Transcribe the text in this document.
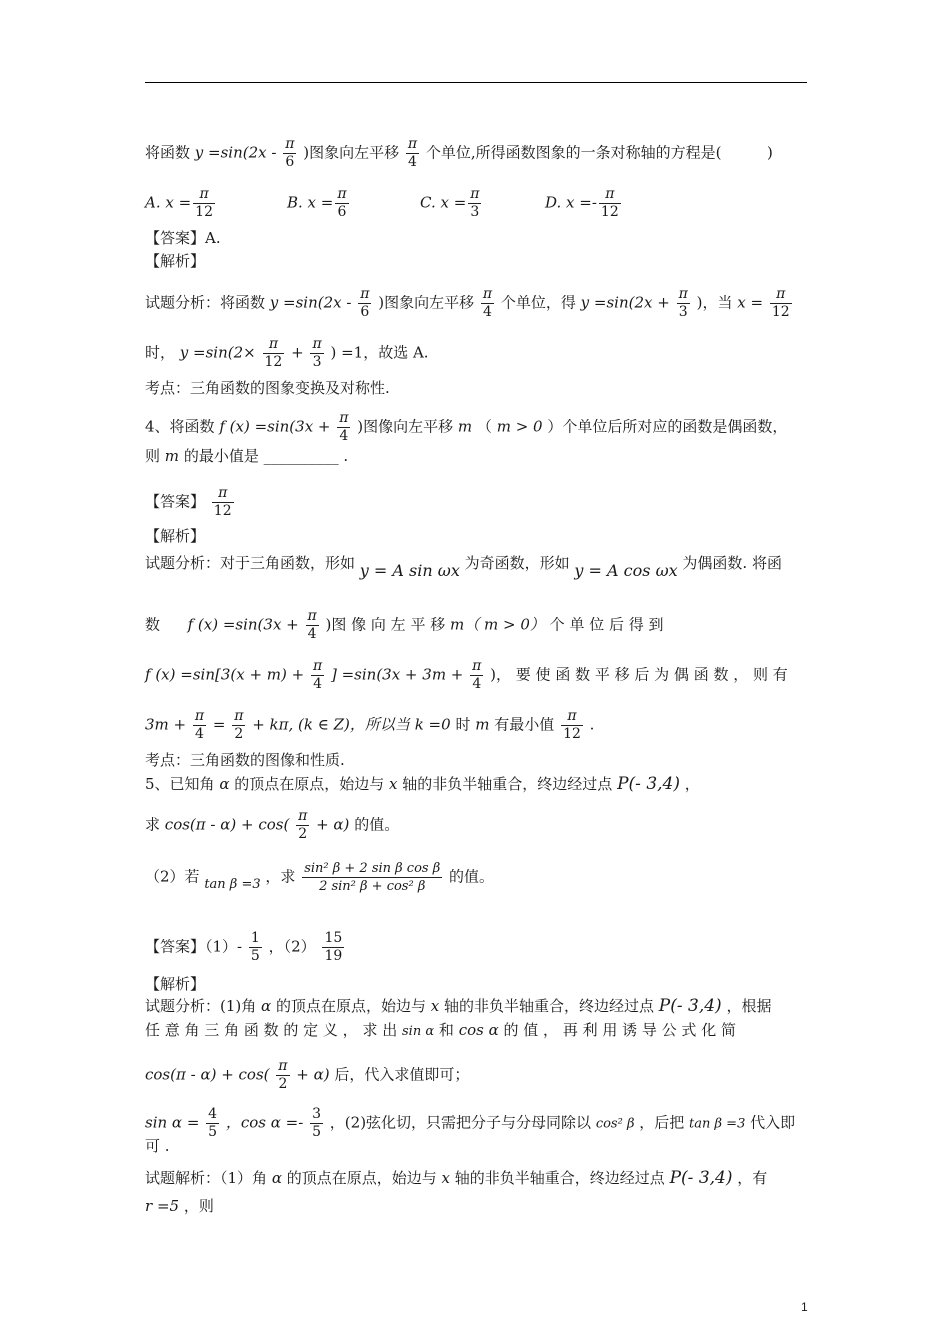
将函数 $y =\sin(2x - \frac{\pi}{6}$ )图象向左平移 $\frac{\pi}{4}$ 个单位,所得函数图象的一条对称轴的方程是(	)
A. $x = \frac{\pi}{12}$	B. $x = \frac{\pi}{6}$	C. $x = \frac{\pi}{3}$	D. $x =- \frac{\pi}{12}$
【答案】A.
【解析】
试题分析：将函数 $y =\sin(2x - \frac{\pi}{6}$ )图象向左平移 $\frac{\pi}{4}$ 个单位，得 $y =\sin(2x + \frac{\pi}{3}$ )，当 $x = \frac{\pi}{12}$
时， $y =\sin(2\times \frac{\pi}{12} + \frac{\pi}{3}$ ) =1，故选 A.
考点：三角函数的图象变换及对称性.
4、将函数 f $(x) =\sin(3x + \frac{\pi}{4}$ )图像向左平移 m （ m > 0 ）个单位后所对应的函数是偶函数，
则 m 的最小值是 __________ .
【答案】 $\frac{\pi}{12}$
【解析】
试题分析：对于三角函数，形如 y = A sin ωx 为奇函数，形如 y = A cos ωx 为偶函数. 将函
数 f $(x) =\sin(3x + \frac{\pi}{4}$ )图 像 向 左 平 移 m（ m > 0） 个 单 位 后 得 到
f $(x) =\sin[3(x + m) + \frac{\pi}{4}$ ] $=\sin(3x + 3m + \frac{\pi}{4}$ )， 要 使 函 数 平 移 后 为 偶 函 数 ， 则 有
$3m + \frac{\pi}{4} = \frac{\pi}{2} + k\pi$, (k ∈ Z)，所以当 k =0 时 m 有最小值 $\frac{\pi}{12}$ .
考点：三角函数的图像和性质.
5、已知角 α 的顶点在原点，始边与 x 轴的非负半轴重合，终边经过点 P(- 3,4) ，
求 $\cos(\pi - \alpha) + \cos( \frac{\pi}{2} + \alpha)$ 的值。
（2）若 tan β =3 ，求 $\frac{\text{sin² β + 2 sin β cos β}}{\text{2 sin² β + cos² β}}$ 的值。
【答案】$(1)- \frac{1}{5}$ ，$(2) \frac{15}{19}$
【解析】
试题分析：(1)角 α 的顶点在原点，始边与 x 轴的非负半轴重合，终边经过点 P(- 3,4) ，根据
任 意 角 三 角 函 数 的 定 义 ， 求 出 sin α 和 cos α 的 值 ， 再 利 用 诱 导 公 式 化 简
$\cos(\pi - \alpha) + \cos( \frac{\pi}{2} + \alpha)$ 后，代入求值即可；
$\sin \alpha = \frac{4}{5}$ ，$\cos \alpha =- \frac{3}{5}$ ，(2)弦化切，只需把分子与分母同除以 cos² β ，后把 tan β =3 代入即
可 .
试题解析：（1）角 α 的顶点在原点，始边与 x 轴的非负半轴重合，终边经过点 P(- 3,4) ，有
r =5 ，则
1
